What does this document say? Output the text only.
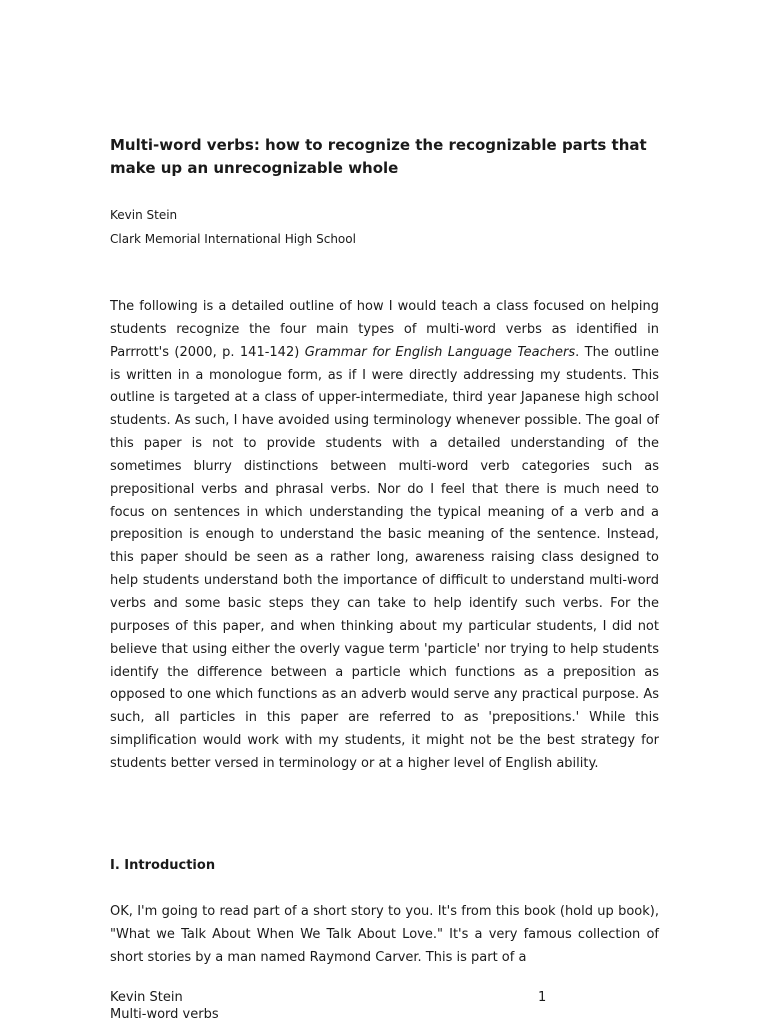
Multi-word verbs: how to recognize the recognizable parts that make up an unrecognizable whole

Kevin Stein

Clark Memorial International High School

The following is a detailed outline of how I would teach a class focused on helping students recognize the four main types of multi-word verbs as identified in Parrrott's (2000, p. 141-142) Grammar for English Language Teachers. The outline is written in a monologue form, as if I were directly addressing my students. This outline is targeted at a class of upper-intermediate, third year Japanese high school students. As such, I have avoided using terminology whenever possible. The goal of this paper is not to provide students with a detailed understanding of the sometimes blurry distinctions between multi-word verb categories such as prepositional verbs and phrasal verbs. Nor do I feel that there is much need to focus on sentences in which understanding the typical meaning of a verb and a preposition is enough to understand the basic meaning of the sentence. Instead, this paper should be seen as a rather long, awareness raising class designed to help students understand both the importance of difficult to understand multi-word verbs and some basic steps they can take to help identify such verbs. For the purposes of this paper, and when thinking about my particular students, I did not believe that using either the overly vague term 'particle' nor trying to help students identify the difference between a particle which functions as a preposition as opposed to one which functions as an adverb would serve any practical purpose. As such, all particles in this paper are referred to as 'prepositions.' While this simplification would work with my students, it might not be the best strategy for students better versed in terminology or at a higher level of English ability.

I. Introduction

OK, I'm going to read part of a short story to you. It's from this book (hold up book), "What we Talk About When We Talk About Love." It's a very famous collection of short stories by a man named Raymond Carver. This is part of a

Kevin Stein
Multi-word verbs
1
